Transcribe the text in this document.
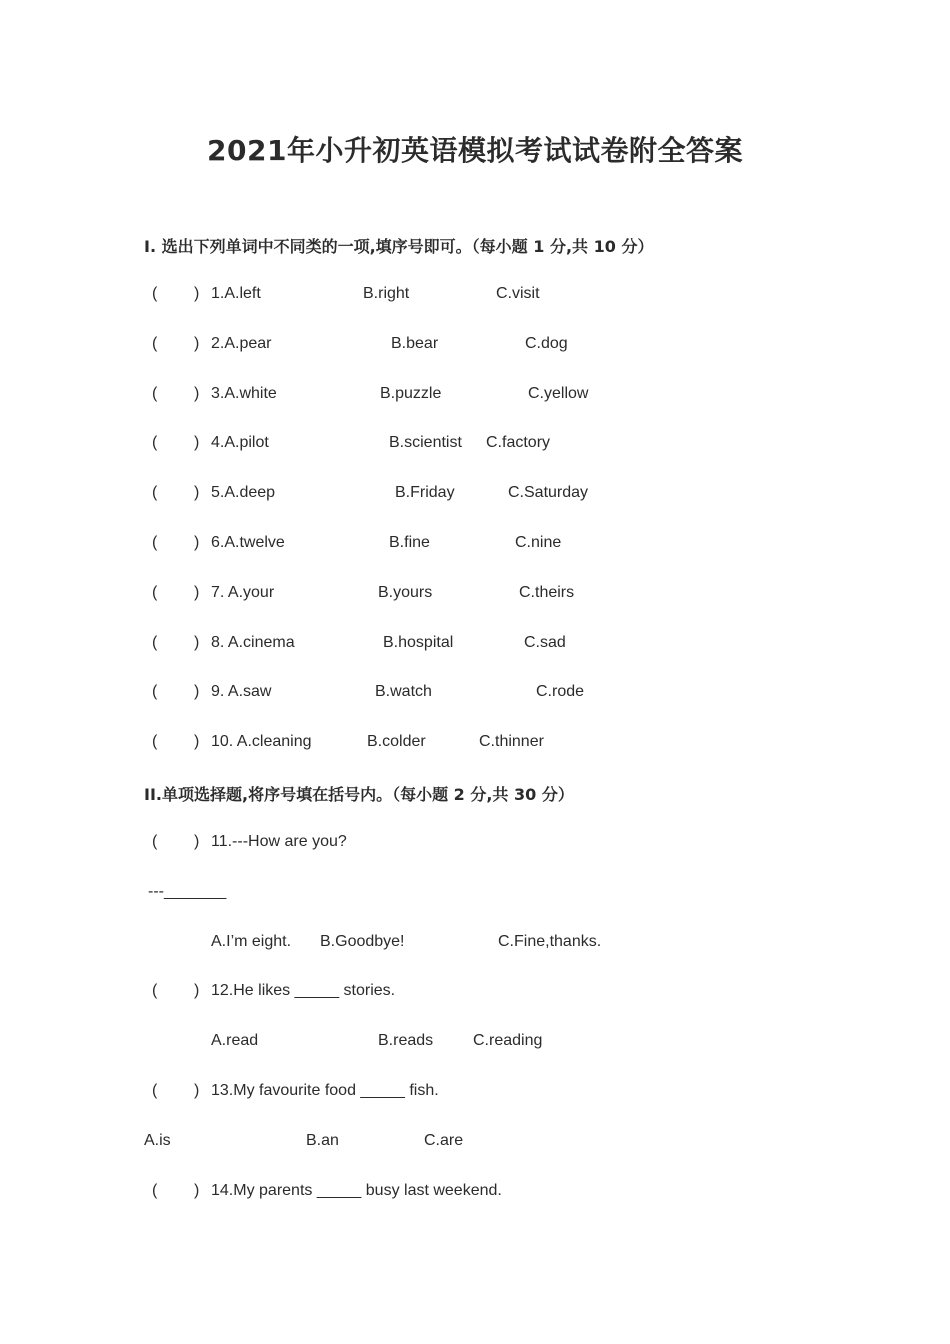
2021年小升初英语模拟考试试卷附全答案
I. 选出下列单词中不同类的一项,填序号即可。（每小题 1 分,共 10 分）
( ) 1.A.left	B.right	C.visit
( ) 2.A.pear	B.bear	C.dog
( ) 3.A.white	B.puzzle	C.yellow
( ) 4.A.pilot	B.scientist C.factory
( ) 5.A.deep	B.Friday	C.Saturday
( ) 6.A.twelve	B.fine	C.nine
( ) 7. A.your	B.yours	C.theirs
( ) 8. A.cinema	B.hospital	C.sad
( ) 9. A.saw	B.watch	C.rode
( ) 10. A.cleaning	B.colder	C.thinner
II.单项选择题,将序号填在括号内。（每小题 2 分,共 30 分）
( ) 11.---How are you?
---_______
A.I’m eight. B.Goodbye!	C.Fine,thanks.
( ) 12.He likes _____ stories.
A.read	B.reads C.reading
( ) 13.My favourite food _____ fish.
A.is	B.an	C.are
( ) 14.My parents _____ busy last weekend.
